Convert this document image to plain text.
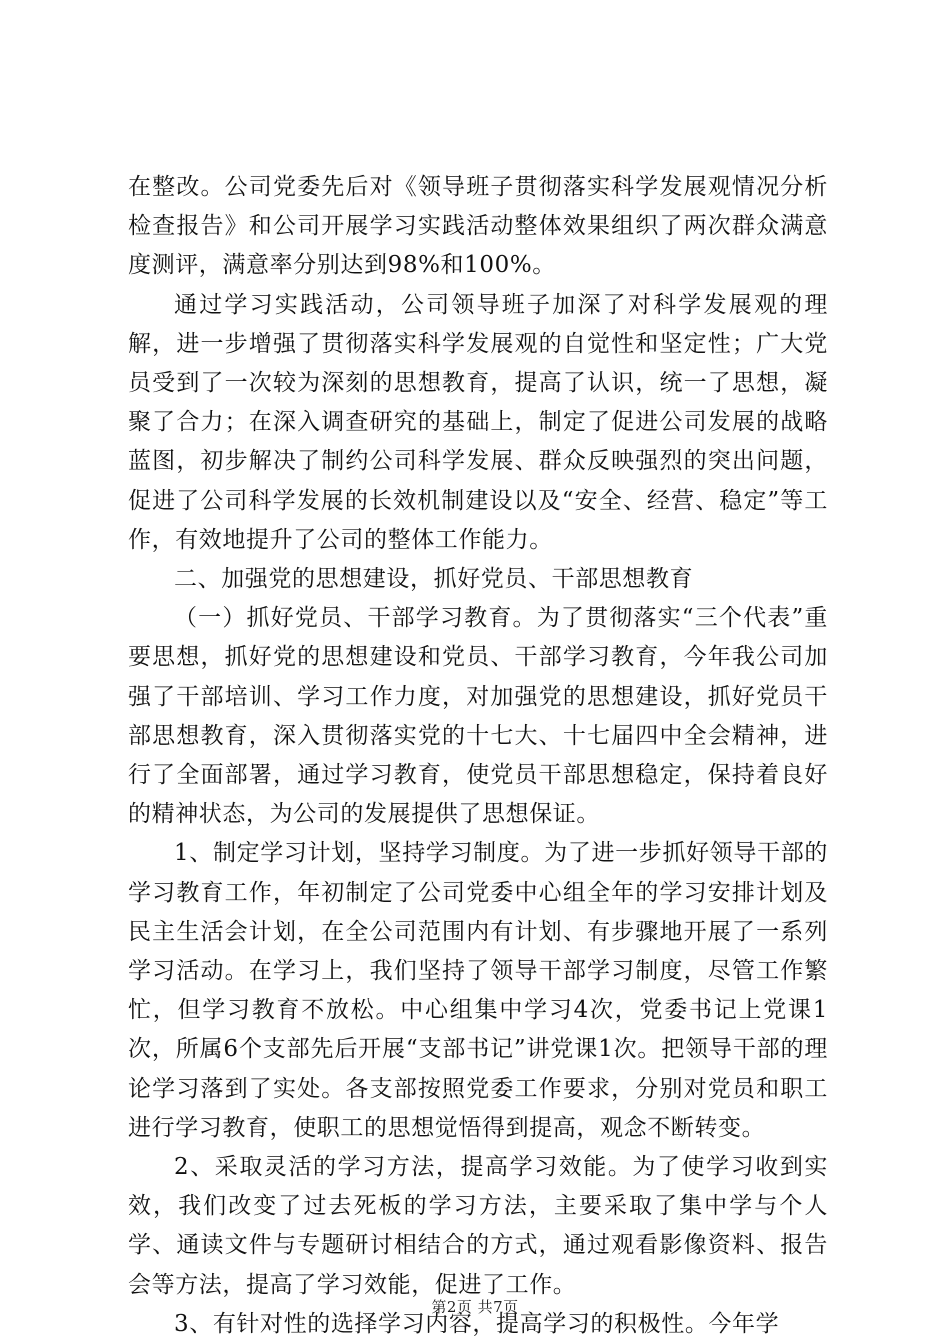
在整改。公司党委先后对《领导班子贯彻落实科学发展观情况分析检查报告》和公司开展学习实践活动整体效果组织了两次群众满意度测评，满意率分别达到98%和100%。

通过学习实践活动，公司领导班子加深了对科学发展观的理解，进一步增强了贯彻落实科学发展观的自觉性和坚定性；广大党员受到了一次较为深刻的思想教育，提高了认识，统一了思想，凝聚了合力；在深入调查研究的基础上，制定了促进公司发展的战略蓝图，初步解决了制约公司科学发展、群众反映强烈的突出问题，促进了公司科学发展的长效机制建设以及“安全、经营、稳定”等工作，有效地提升了公司的整体工作能力。

二、加强党的思想建设，抓好党员、干部思想教育

（一）抓好党员、干部学习教育。为了贯彻落实“三个代表”重要思想，抓好党的思想建设和党员、干部学习教育，今年我公司加强了干部培训、学习工作力度，对加强党的思想建设，抓好党员干部思想教育，深入贯彻落实党的十七大、十七届四中全会精神，进行了全面部署，通过学习教育，使党员干部思想稳定，保持着良好的精神状态，为公司的发展提供了思想保证。

1、制定学习计划，坚持学习制度。为了进一步抓好领导干部的学习教育工作，年初制定了公司党委中心组全年的学习安排计划及民主生活会计划，在全公司范围内有计划、有步骤地开展了一系列学习活动。在学习上，我们坚持了领导干部学习制度，尽管工作繁忙，但学习教育不放松。中心组集中学习4次，党委书记上党课1次，所属6个支部先后开展“支部书记”讲党课1次。把领导干部的理论学习落到了实处。各支部按照党委工作要求，分别对党员和职工进行学习教育，使职工的思想觉悟得到提高，观念不断转变。

2、采取灵活的学习方法，提高学习效能。为了使学习收到实效，我们改变了过去死板的学习方法，主要采取了集中学与个人学、通读文件与专题研讨相结合的方式，通过观看影像资料、报告会等方法，提高了学习效能，促进了工作。

3、有针对性的选择学习内容，提高学习的积极性。今年学

第2页 共7页
